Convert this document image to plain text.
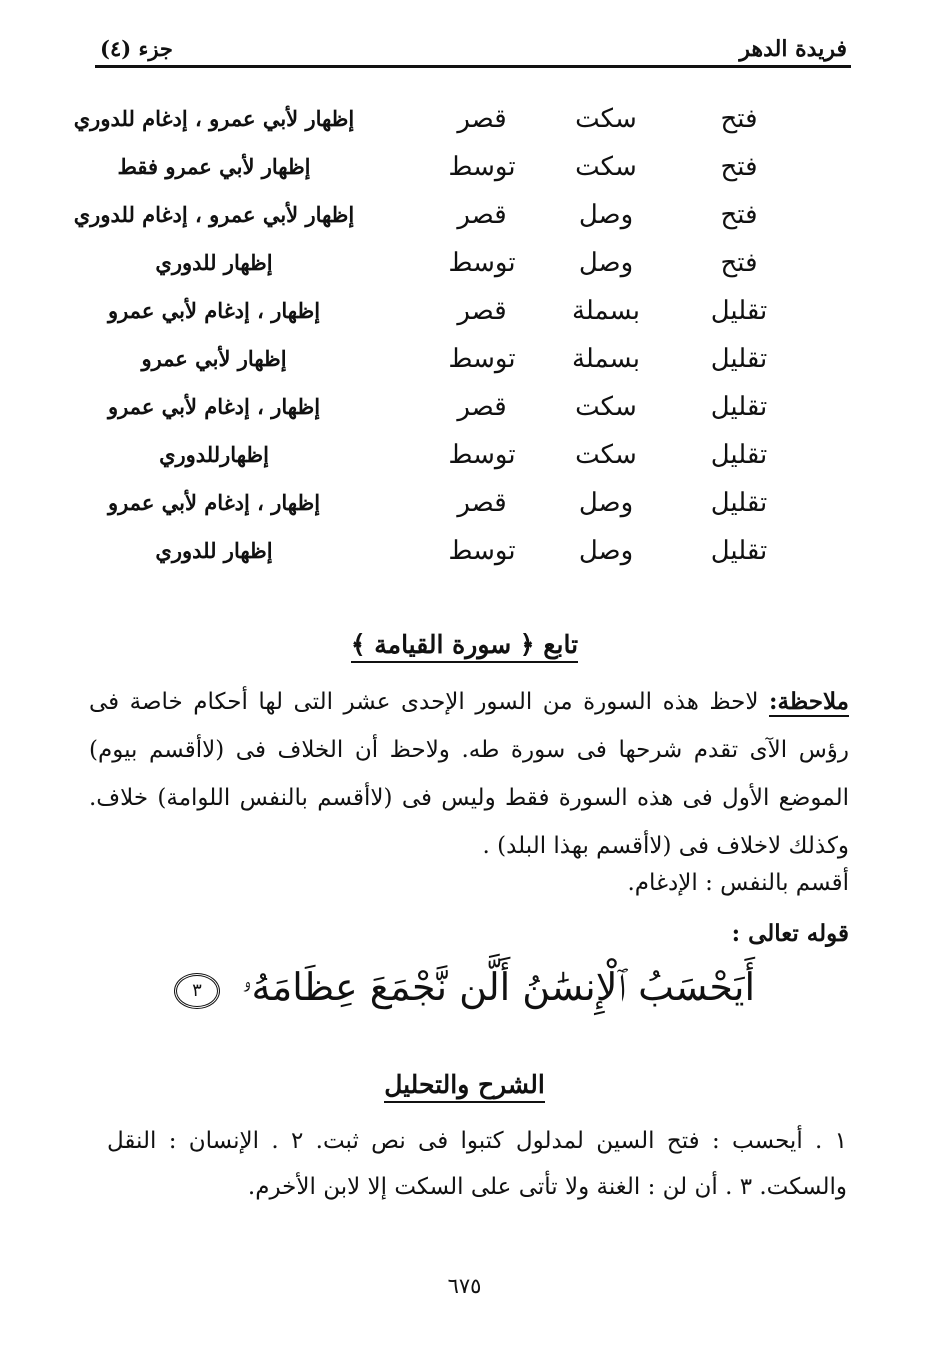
فريدة الدهر
جزء (٤)
فتح
سكت
قصر
إظهار لأبي عمرو ، إدغام للدوري
فتح
سكت
توسط
إظهار لأبي عمرو فقط
فتح
وصل
قصر
إظهار لأبي عمرو ، إدغام للدوري
فتح
وصل
توسط
إظهار للدوري
تقليل
بسملة
قصر
إظهار ، إدغام لأبي عمرو
تقليل
بسملة
توسط
إظهار لأبي عمرو
تقليل
سكت
قصر
إظهار ، إدغام لأبي عمرو
تقليل
سكت
توسط
إظهارللدوري
تقليل
وصل
قصر
إظهار ، إدغام لأبي عمرو
تقليل
وصل
توسط
إظهار للدوري
تابع ﴿ سورة القيامة ﴾
ملاحظة: لاحظ هذه السورة من السور الإحدى عشر التى لها أحكام خاصة فى رؤس الآى تقدم شرحها فى سورة طه. ولاحظ أن الخلاف فى (لاأقسم بيوم) الموضع الأول فى هذه السورة فقط وليس فى (لاأقسم بالنفس اللوامة) خلاف. وكذلك لاخلاف فى (لاأقسم بهذا البلد) .
أقسم بالنفس : الإدغام.
قوله تعالى :
أَيَحْسَبُ ٱلْإِنسَٰنُ أَلَّن نَّجْمَعَ عِظَامَهُۥ ٣
الشرح والتحليل
١ . أيحسب : فتح السين لمدلول كتبوا فى نص ثبت. ٢ . الإنسان : النقل والسكت. ٣ . أن لن : الغنة ولا تأتى على السكت إلا لابن الأخرم.
٦٧٥
